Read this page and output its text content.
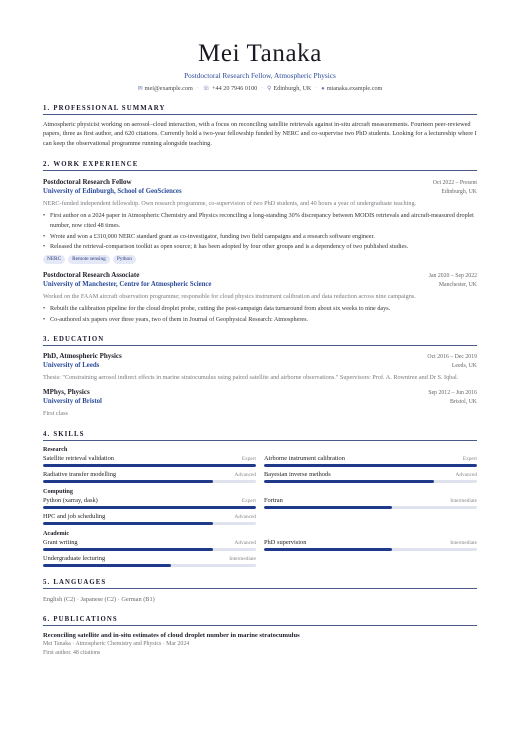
Mei Tanaka
Postdoctoral Research Fellow, Atmospheric Physics
✉ mei@example.com · ☏ +44 20 7946 0100 · ⚲ Edinburgh, UK · ● mtanaka.example.com
1. PROFESSIONAL SUMMARY
Atmospheric physicist working on aerosol–cloud interaction, with a focus on reconciling satellite retrievals against in-situ aircraft measurements. Fourteen peer-reviewed papers, three as first author, and 620 citations. Currently hold a two-year fellowship funded by NERC and co-supervise two PhD students. Looking for a lectureship where I can keep the observational programme running alongside teaching.
2. WORK EXPERIENCE
Postdoctoral Research Fellow	Oct 2022 – Present
University of Edinburgh, School of GeoSciences	Edinburgh, UK
NERC-funded independent fellowship. Own research programme, co-supervision of two PhD students, and 40 hours a year of undergraduate teaching.
• First author on a 2024 paper in Atmospheric Chemistry and Physics reconciling a long-standing 30% discrepancy between MODIS retrievals and aircraft-measured droplet number, now cited 48 times.
• Wrote and won a £310,000 NERC standard grant as co-investigator, funding two field campaigns and a research software engineer.
• Released the retrieval-comparison toolkit as open source; it has been adopted by four other groups and is a dependency of two published studies.
NERC	Remote sensing	Python
Postdoctoral Research Associate	Jan 2020 – Sep 2022
University of Manchester, Centre for Atmospheric Science	Manchester, UK
Worked on the FAAM aircraft observation programme; responsible for cloud physics instrument calibration and data reduction across nine campaigns.
• Rebuilt the calibration pipeline for the cloud droplet probe, cutting the post-campaign data turnaround from about six weeks to nine days.
• Co-authored six papers over three years, two of them in Journal of Geophysical Research: Atmospheres.
3. EDUCATION
PhD, Atmospheric Physics	Oct 2016 – Dec 2019
University of Leeds	Leeds, UK
Thesis: "Constraining aerosol indirect effects in marine stratocumulus using paired satellite and airborne observations." Supervisors: Prof. A. Rowntree and Dr S. Iqbal.
MPhys, Physics	Sep 2012 – Jun 2016
University of Bristol	Bristol, UK
First class
4. SKILLS
Research
Satellite retrieval validation	Expert Airborne instrument calibration	Expert
Radiative transfer modelling	Advanced Bayesian inverse methods	Advanced
Computing
Python (xarray, dask)	Expert Fortran	Intermediate
HPC and job scheduling	Advanced
Academic
Grant writing	Advanced PhD supervision	Intermediate
Undergraduate lecturing	Intermediate
5. LANGUAGES
English (C2) · Japanese (C2) · German (B1)
6. PUBLICATIONS
Reconciling satellite and in-situ estimates of cloud droplet number in marine stratocumulus
Mei Tanaka · Atmospheric Chemistry and Physics · Mar 2024
First author. 48 citations
